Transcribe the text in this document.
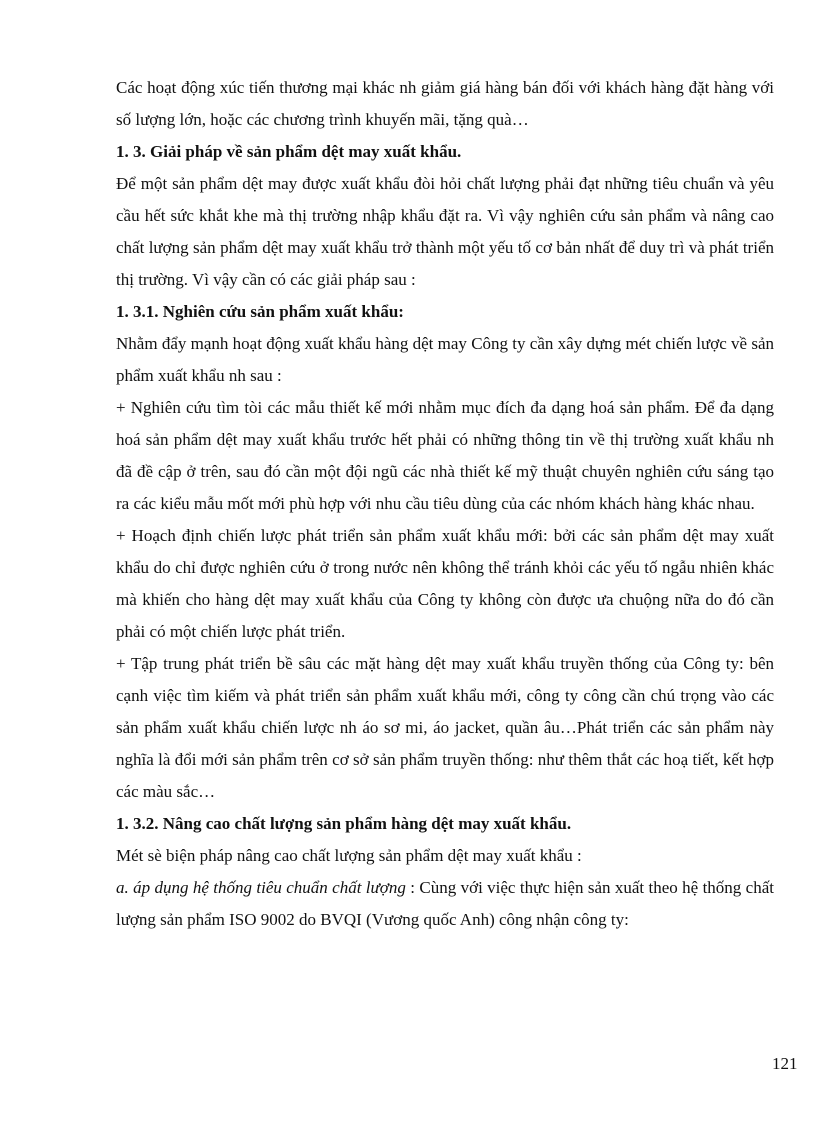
Các hoạt động xúc tiến thương mại khác nh giảm giá hàng bán đối với khách hàng đặt hàng với số lượng lớn, hoặc các chương trình khuyến mãi, tặng quà…

1. 3. Giải pháp về sản phẩm dệt may xuất khẩu.

Để một sản phẩm dệt may được xuất khẩu đòi hỏi chất lượng phải đạt những tiêu chuẩn và yêu cầu hết sức khắt khe mà thị trường nhập khẩu đặt ra. Vì vậy nghiên cứu sản phẩm và nâng cao chất lượng sản phẩm dệt may xuất khẩu trở thành một yếu tố cơ bản nhất để duy trì và phát triển thị trường. Vì vậy cần có các giải pháp sau :

1. 3.1. Nghiên cứu sản phẩm xuất khẩu:

Nhằm đẩy mạnh hoạt động xuất khẩu hàng dệt may Công ty cần xây dựng mét chiến lược về sản phẩm xuất khẩu nh sau :

+ Nghiên cứu tìm tòi các mẫu thiết kế mới nhằm mục đích đa dạng hoá sản phẩm. Để đa dạng hoá sản phẩm dệt may xuất khẩu trước hết phải có những thông tin về thị trường xuất khẩu nh đã đề cập ở trên, sau đó cần một đội ngũ các nhà thiết kế mỹ thuật chuyên nghiên cứu sáng tạo ra các kiểu mẫu mốt mới phù hợp với nhu cầu tiêu dùng của các nhóm khách hàng khác nhau.

+ Hoạch định chiến lược phát triển sản phẩm xuất khẩu mới: bởi các sản phẩm dệt may xuất khẩu do chỉ được nghiên cứu ở trong nước nên không thể tránh khỏi các yếu tố ngẫu nhiên khác mà khiến cho hàng dệt may xuất khẩu của Công ty không còn được ưa chuộng nữa do đó cần phải có một chiến lược phát triển.

+ Tập trung phát triển bề sâu các mặt hàng dệt may xuất khẩu truyền thống của Công ty: bên cạnh việc tìm kiếm và phát triển sản phẩm xuất khẩu mới, công ty công cần chú trọng vào các sản phẩm xuất khẩu chiến lược nh áo sơ mi, áo jacket, quần âu…Phát triển các sản phẩm này nghĩa là đổi mới sản phẩm trên cơ sở sản phẩm truyền thống: như thêm thắt các hoạ tiết, kết hợp các màu sắc…

1. 3.2. Nâng cao chất lượng sản phẩm hàng dệt may xuất khẩu.

Mét sè biện pháp nâng cao chất lượng sản phẩm dệt may xuất khẩu :

a. áp dụng hệ thống tiêu chuẩn chất lượng : Cùng với việc thực hiện sản xuất theo hệ thống chất lượng sản phẩm ISO 9002 do BVQI (Vương quốc Anh) công nhận công ty:

121
